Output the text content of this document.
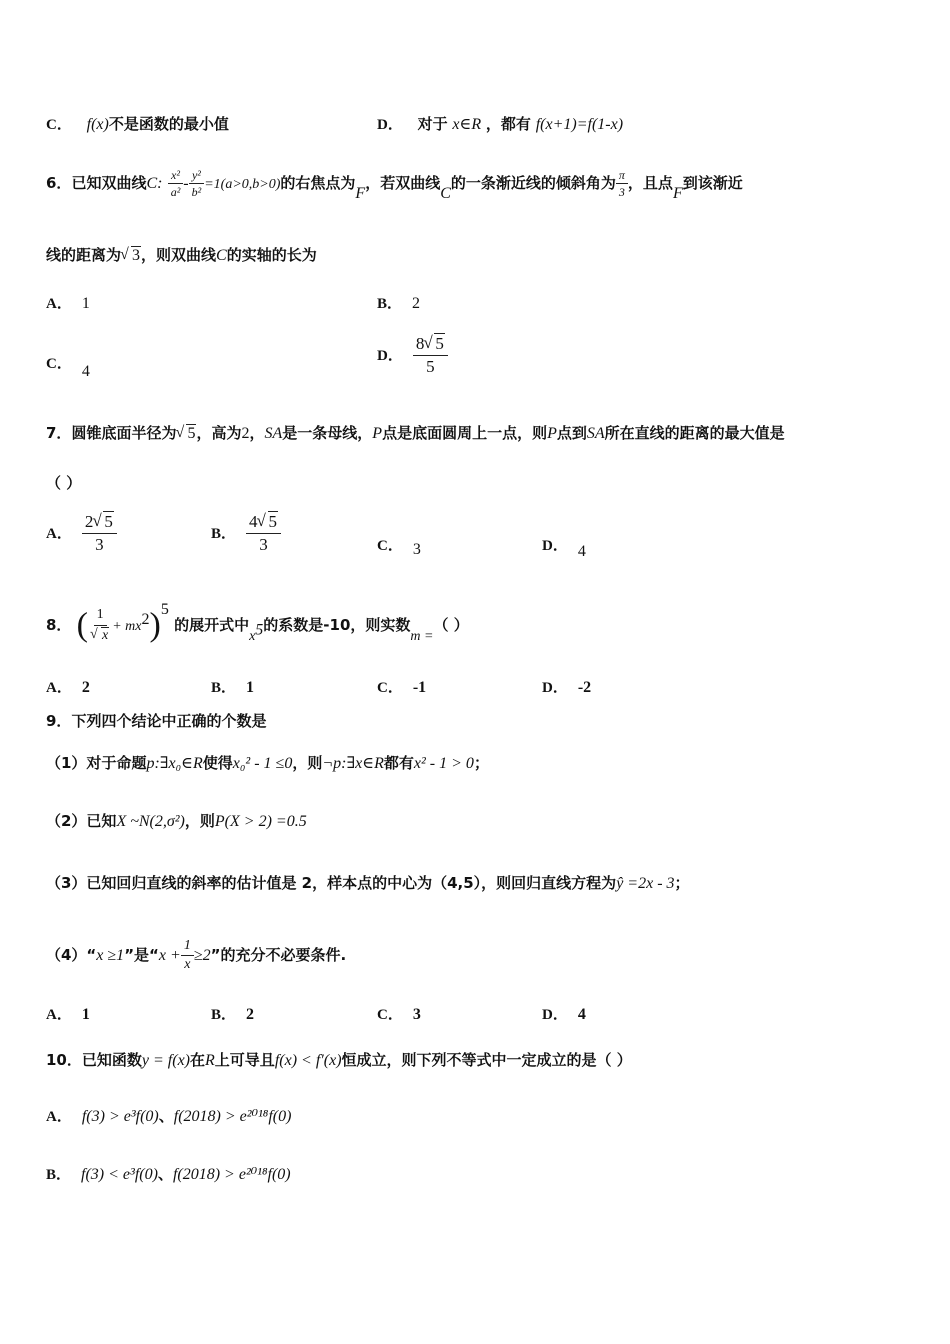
C． f(x)不是函数的最小值	D． 对于 x∈R ，都有 f(x+1)=f(1-x)
6．已知双曲线C: $\frac{\text{x²}}{\text{a²}} - \frac{\text{y²}}{\text{b²}} =1(a>0,b>0)$的右焦点为F，若双曲线C的一条渐近线的倾斜角为 $\frac{\pi}{3}$ ，且点F到该渐近
线的距离为 √ 3，则双曲线C的实轴的长为
A． 1	B． 2
C． 4
D． $\frac{8 √ 5}{5}$
7．圆锥底面半径为 √ 5，高为2，SA是一条母线，P点是底面圆周上一点，则P点到SA所在直线的距离的最大值是
（ ）
A． $\frac{2 √ 5}{3}$	B． $\frac{4 √ 5}{3}$	C． 3	D． 4
8． ( 1
√ $x + mx^2)^5$ 的展开式中$x^5$的系数是-10，则实数m =（ ）
A． 2	B． 1	C． -1	D． -2
9．下列四个结论中正确的个数是
（1）对于命题p:∃x₀∈R使得x₀² - 1 ≤0，则¬p:∃x∈R都有x² - 1 > 0；
（2）已知X ~N(2,σ²)，则P(X > 2) =0.5
（3）已知回归直线的斜率的估计值是 2，样本点的中心为（4,5），则回归直线方程为ŷ =2x - 3；
（4）“x ≥1”是“$x + \frac{1}{x} \ge 2$”的充分不必要条件.
A． 1	B． 2	C． 3	D． 4
10．已知函数y = f(x)在R上可导且f(x) < f′(x)恒成立，则下列不等式中一定成立的是（ ）
A． f(3) > e³f(0)、f(2018) > e²⁰¹⁸f(0)
B． f(3) < e³f(0)、f(2018) > e²⁰¹⁸f(0)
